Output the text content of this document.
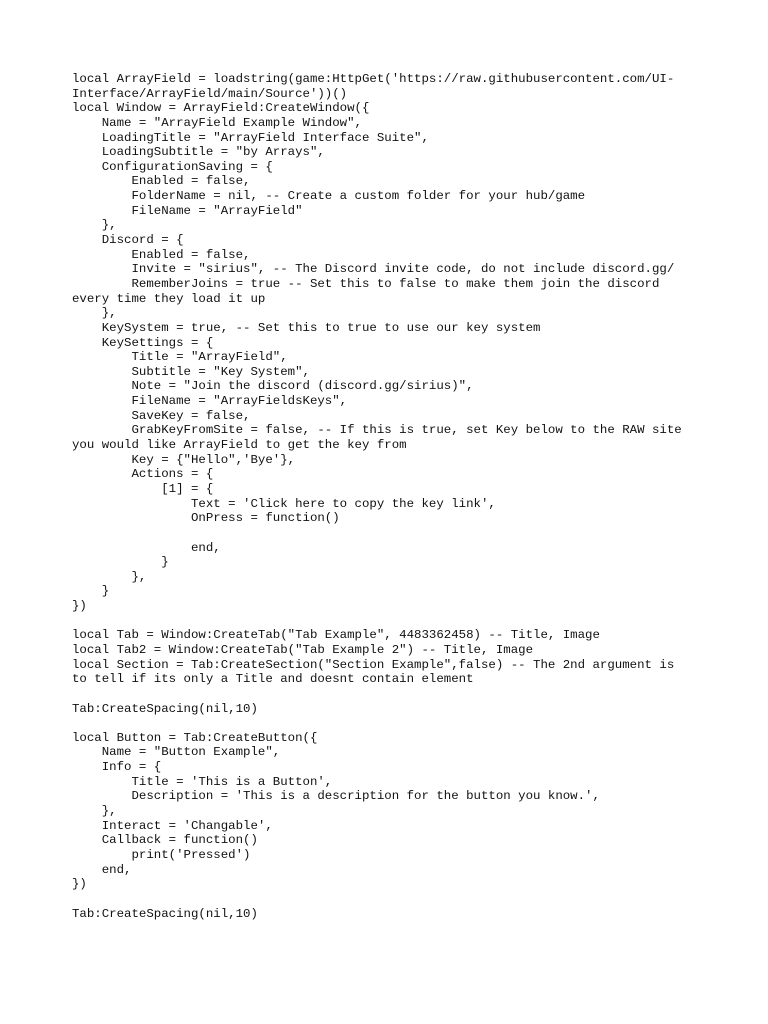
local ArrayField = loadstring(game:HttpGet('https://raw.githubusercontent.com/UI-
Interface/ArrayField/main/Source'))()
local Window = ArrayField:CreateWindow({
Name = "ArrayField Example Window",
LoadingTitle = "ArrayField Interface Suite",
LoadingSubtitle = "by Arrays",
ConfigurationSaving = {
Enabled = false,
FolderName = nil, -- Create a custom folder for your hub/game
FileName = "ArrayField"
},
Discord = {
Enabled = false,
Invite = "sirius", -- The Discord invite code, do not include discord.gg/
RememberJoins = true -- Set this to false to make them join the discord
every time they load it up
},
KeySystem = true, -- Set this to true to use our key system
KeySettings = {
Title = "ArrayField",
Subtitle = "Key System",
Note = "Join the discord (discord.gg/sirius)",
FileName = "ArrayFieldsKeys",
SaveKey = false,
GrabKeyFromSite = false, -- If this is true, set Key below to the RAW site
you would like ArrayField to get the key from
Key = {"Hello",'Bye'},
Actions = {
[1] = {
Text = 'Click here to copy the key link',
OnPress = function()
end,
}
},
}
})
local Tab = Window:CreateTab("Tab Example", 4483362458) -- Title, Image
local Tab2 = Window:CreateTab("Tab Example 2") -- Title, Image
local Section = Tab:CreateSection("Section Example",false) -- The 2nd argument is
to tell if its only a Title and doesnt contain element
Tab:CreateSpacing(nil,10)
local Button = Tab:CreateButton({
Name = "Button Example",
Info = {
Title = 'This is a Button',
Description = 'This is a description for the button you know.',
},
Interact = 'Changable',
Callback = function()
print('Pressed')
end,
})
Tab:CreateSpacing(nil,10)
